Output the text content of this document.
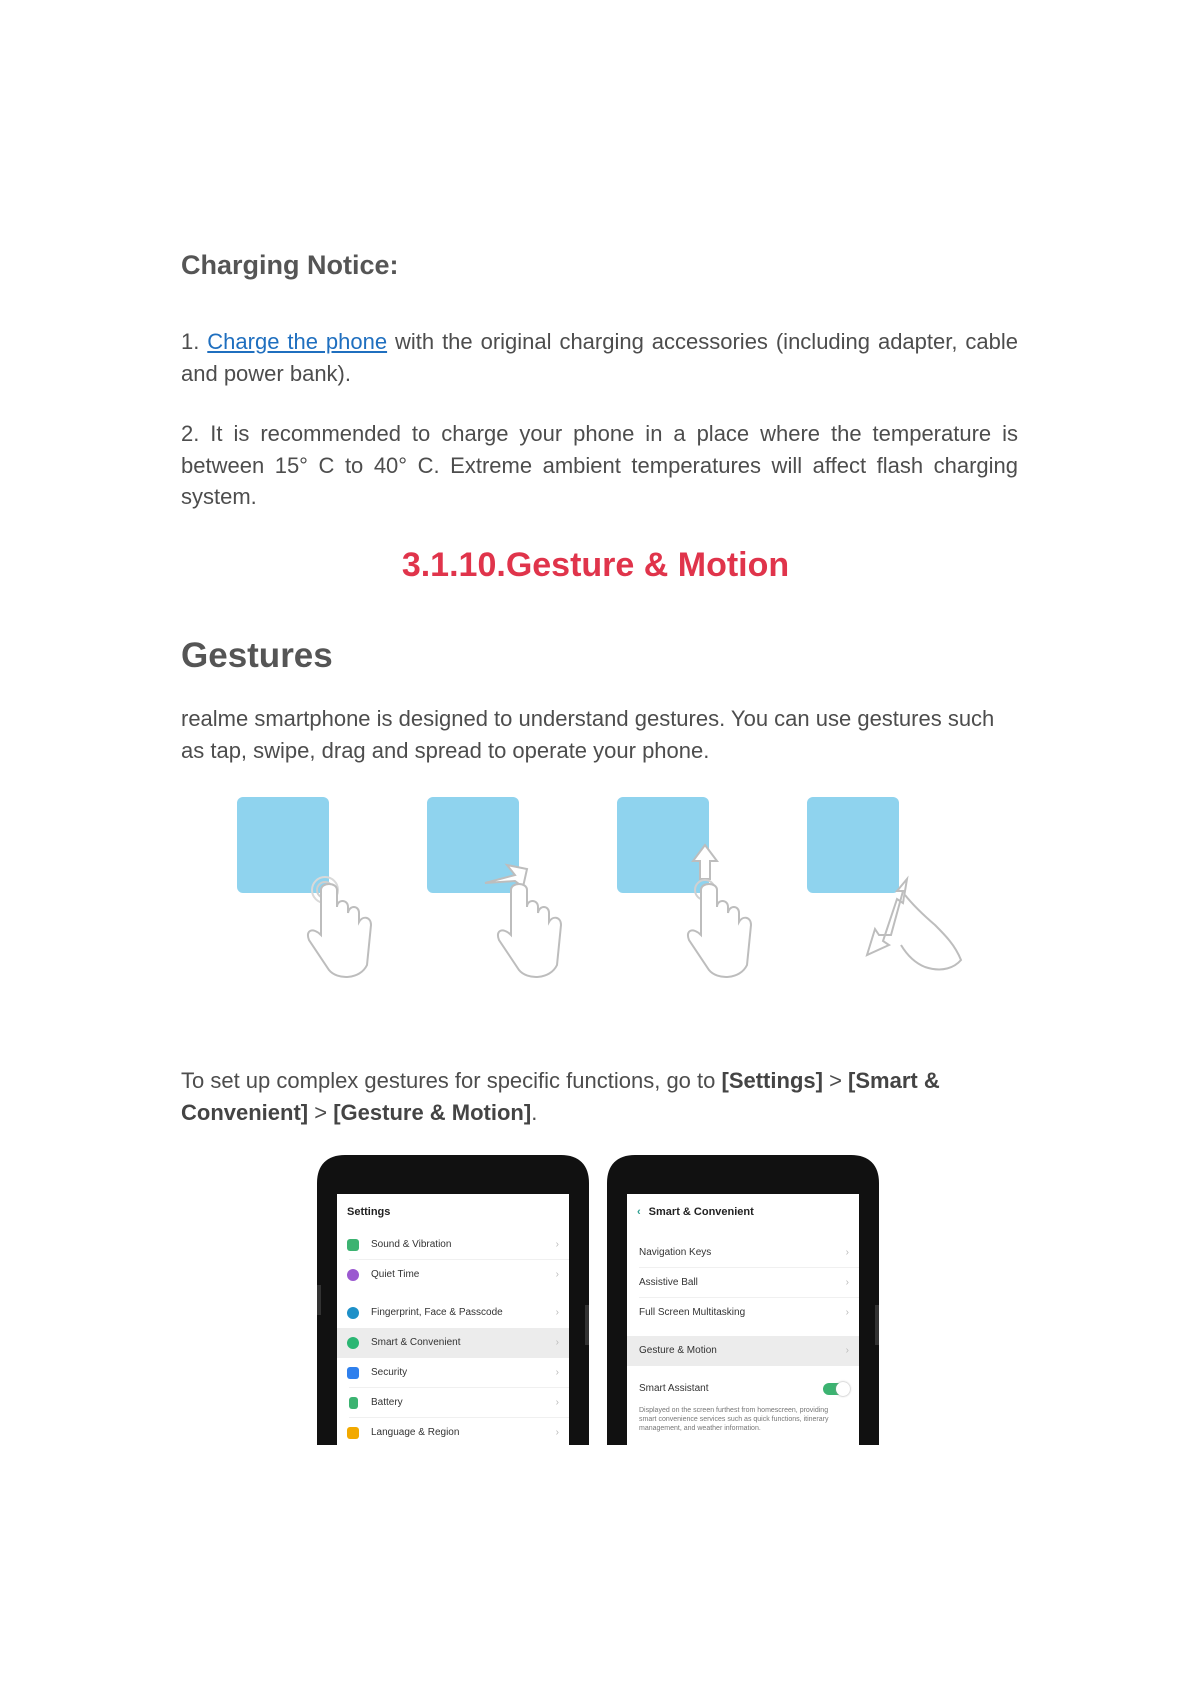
Charging Notice:

1. Charge the phone with the original charging accessories (including adapter, cable and power bank).

2. It is recommended to charge your phone in a place where the temperature is between 15° C to 40° C. Extreme ambient temperatures will affect flash charging system.

3.1.10.Gesture & Motion
Gestures

realme smartphone is designed to understand gestures. You can use gestures such as tap, swipe, drag and spread to operate your phone.

To set up complex gestures for specific functions, go to [Settings] > [Smart & Convenient] > [Gesture & Motion].

Settings
Sound & Vibration	›
Quiet Time	›
Fingerprint, Face & Passcode	›
Smart & Convenient	›
Security	›
Battery	›
Language & Region	›
‹ Smart & Convenient
Navigation Keys	›
Assistive Ball	›
Full Screen Multitasking	›
Gesture & Motion	›
Smart Assistant
Displayed on the screen furthest from homescreen, providing smart convenience services such as quick functions, itinerary management, and weather information.
